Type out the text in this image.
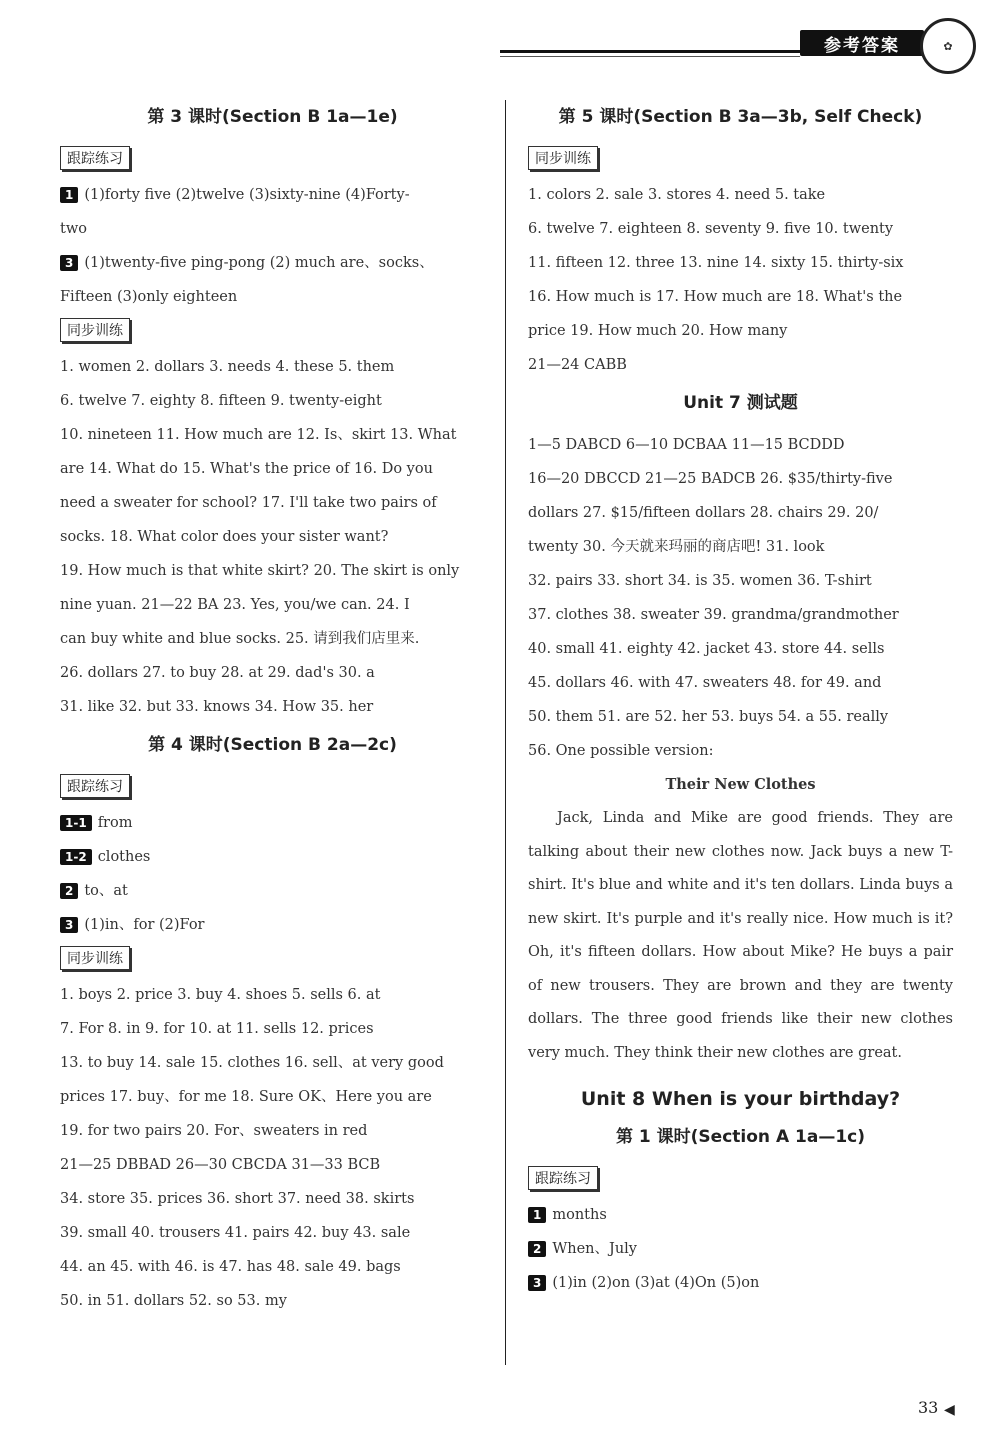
参考答案	✿
第 3 课时(Section B 1a—1e)
跟踪练习
1 (1)forty five (2)twelve (3)sixty-nine (4)Forty-
two
3 (1)twenty-five ping-pong (2) much are、socks、
Fifteen (3)only eighteen
同步训练
1. women 2. dollars 3. needs 4. these 5. them
6. twelve 7. eighty 8. fifteen 9. twenty-eight
10. nineteen 11. How much are 12. Is、skirt 13. What
are 14. What do 15. What's the price of 16. Do you
need a sweater for school? 17. I'll take two pairs of
socks. 18. What color does your sister want?
19. How much is that white skirt? 20. The skirt is only
nine yuan. 21—22 BA 23. Yes, you/we can. 24. I
can buy white and blue socks. 25. 请到我们店里来.
26. dollars 27. to buy 28. at 29. dad's 30. a
31. like 32. but 33. knows 34. How 35. her
第 4 课时(Section B 2a—2c)
跟踪练习
1-1 from
1-2 clothes
2 to、at
3 (1)in、for (2)For
同步训练
1. boys 2. price 3. buy 4. shoes 5. sells 6. at
7. For 8. in 9. for 10. at 11. sells 12. prices
13. to buy 14. sale 15. clothes 16. sell、at very good
prices 17. buy、for me 18. Sure OK、Here you are
19. for two pairs 20. For、sweaters in red
21—25 DBBAD 26—30 CBCDA 31—33 BCB
34. store 35. prices 36. short 37. need 38. skirts
39. small 40. trousers 41. pairs 42. buy 43. sale
44. an 45. with 46. is 47. has 48. sale 49. bags
50. in 51. dollars 52. so 53. my
第 5 课时(Section B 3a—3b, Self Check)
同步训练
1. colors 2. sale 3. stores 4. need 5. take
6. twelve 7. eighteen 8. seventy 9. five 10. twenty
11. fifteen 12. three 13. nine 14. sixty 15. thirty-six
16. How much is 17. How much are 18. What's the
price 19. How much 20. How many
21—24 CABB
Unit 7 测试题
1—5 DABCD 6—10 DCBAA 11—15 BCDDD
16—20 DBCCD 21—25 BADCB 26. $35/thirty-five
dollars 27. $15/fifteen dollars 28. chairs 29. 20/
twenty 30. 今天就来玛丽的商店吧! 31. look
32. pairs 33. short 34. is 35. women 36. T-shirt
37. clothes 38. sweater 39. grandma/grandmother
40. small 41. eighty 42. jacket 43. store 44. sells
45. dollars 46. with 47. sweaters 48. for 49. and
50. them 51. are 52. her 53. buys 54. a 55. really
56. One possible version:
Their New Clothes
Jack, Linda and Mike are good friends. They are talking about their new clothes now. Jack buys a new T-shirt. It's blue and white and it's ten dollars. Linda buys a new skirt. It's purple and it's really nice. How much is it? Oh, it's fifteen dollars. How about Mike? He buys a pair of new trousers. They are brown and they are twenty dollars. The three good friends like their new clothes very much. They think their new clothes are great.
Unit 8 When is your birthday?
第 1 课时(Section A 1a—1c)
跟踪练习
1 months
2 When、July
3 (1)in (2)on (3)at (4)On (5)on
33 ◀
